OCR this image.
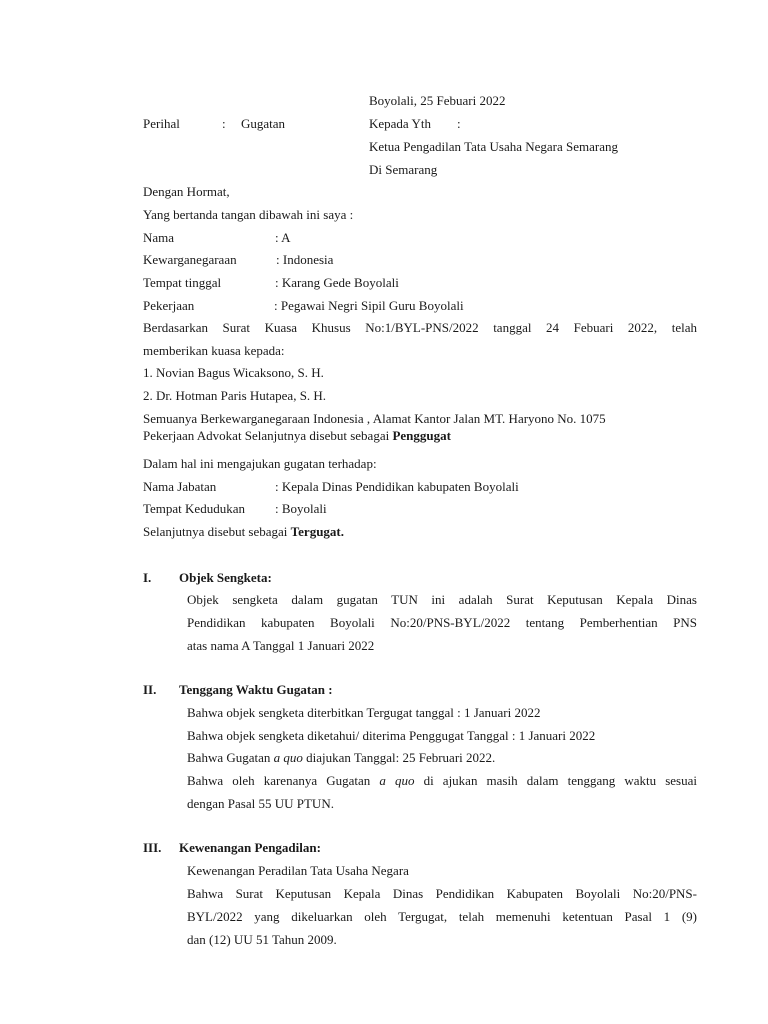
Boyolali, 25 Febuari 2022
Perihal	: Gugatan	Kepada Yth :
Ketua Pengadilan Tata Usaha Negara Semarang
Di Semarang
Dengan Hormat,
Yang bertanda tangan dibawah ini saya :
Nama	: A
Kewarganegaraan	: Indonesia
Tempat tinggal	: Karang Gede Boyolali
Pekerjaan	: Pegawai Negri Sipil Guru Boyolali
Berdasarkan Surat Kuasa Khusus No:1/BYL-PNS/2022 tanggal 24 Febuari 2022, telah
memberikan kuasa kepada:
1. Novian Bagus Wicaksono, S. H.
2. Dr. Hotman Paris Hutapea, S. H.
Semuanya Berkewarganegaraan Indonesia , Alamat Kantor Jalan MT. Haryono No. 1075
Pekerjaan Advokat Selanjutnya disebut sebagai Penggugat
Dalam hal ini mengajukan gugatan terhadap:
Nama Jabatan	: Kepala Dinas Pendidikan kabupaten Boyolali
Tempat Kedudukan : Boyolali
Selanjutnya disebut sebagai Tergugat.
I. Objek Sengketa:
Objek sengketa dalam gugatan TUN ini adalah Surat Keputusan Kepala Dinas
Pendidikan kabupaten Boyolali No:20/PNS-BYL/2022 tentang Pemberhentian PNS
atas nama A Tanggal 1 Januari 2022
II. Tenggang Waktu Gugatan :
Bahwa objek sengketa diterbitkan Tergugat tanggal : 1 Januari 2022
Bahwa objek sengketa diketahui/ diterima Penggugat Tanggal : 1 Januari 2022
Bahwa Gugatan a quo diajukan Tanggal: 25 Februari 2022.
Bahwa oleh karenanya Gugatan a quo di ajukan masih dalam tenggang waktu sesuai
dengan Pasal 55 UU PTUN.
III. Kewenangan Pengadilan:
Kewenangan Peradilan Tata Usaha Negara
Bahwa Surat Keputusan Kepala Dinas Pendidikan Kabupaten Boyolali No:20/PNS-
BYL/2022 yang dikeluarkan oleh Tergugat, telah memenuhi ketentuan Pasal 1 (9)
dan (12) UU 51 Tahun 2009.
